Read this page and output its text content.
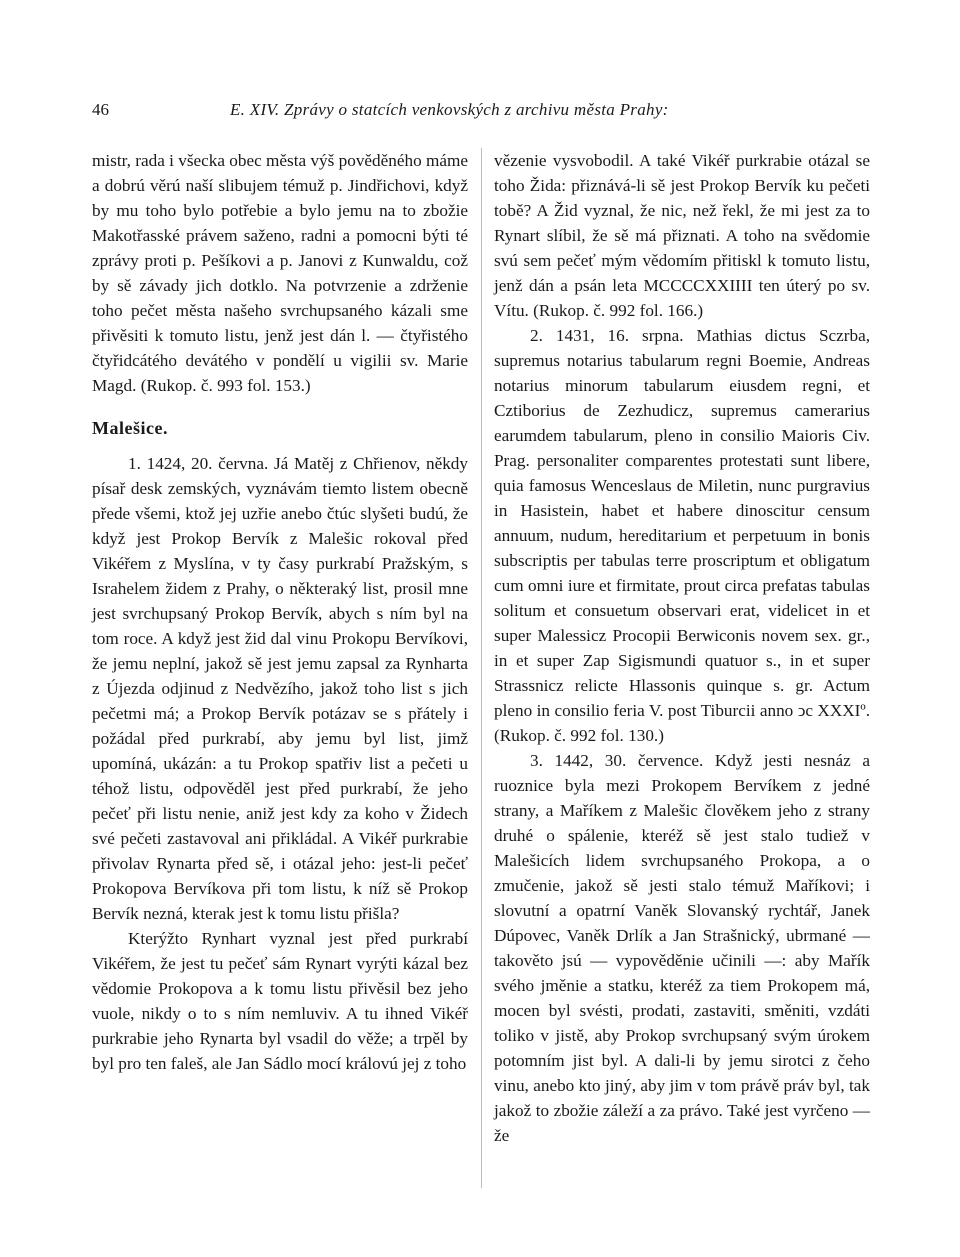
46	E. XIV. Zprávy o statcích venkovských z archivu města Prahy:

mistr, rada i všecka obec města výš pověděného máme a dobrú věrú naší slibujem témuž p. Jindřichovi, když by mu toho bylo potřebie a bylo jemu na to zbožie Makotřasské právem saženo, radni a pomocni býti té zprávy proti p. Pešíkovi a p. Janovi z Kunwaldu, což by sě závady jich dotklo. Na potvrzenie a zdrženie toho pečet města našeho svrchupsaného kázali sme přivěsiti k tomuto listu, jenž jest dán l. — čtyřistého čtyřidcátého devátého v pondělí u vigilii sv. Marie Magd. (Rukop. č. 993 fol. 153.)

Malešice.

1. 1424, 20. června. Já Matěj z Chřienov, někdy písař desk zemských, vyznávám tiemto listem obecně přede všemi, ktož jej uzřie anebo čtúc slyšeti budú, že když jest Prokop Bervík z Malešic rokoval před Vikéřem z Myslína, v ty časy purkrabí Pražským, s Israhelem židem z Prahy, o některaký list, prosil mne jest svrchupsaný Prokop Bervík, abych s ním byl na tom roce. A když jest žid dal vinu Prokopu Bervíkovi, že jemu neplní, jakož sě jest jemu zapsal za Rynharta z Újezda odjinud z Nedvězího, jakož toho list s jich pečetmi má; a Prokop Bervík potázav se s přátely i požádal před purkrabí, aby jemu byl list, jimž upomíná, ukázán: a tu Prokop spatřiv list a pečeti u téhož listu, odpověděl jest před purkrabí, že jeho pečeť při listu nenie, aniž jest kdy za koho v Židech své pečeti zastavoval ani přikládal. A Vikéř purkrabie přivolav Rynarta před sě, i otázal jeho: jest-li pečeť Prokopova Bervíkova při tom listu, k níž sě Prokop Bervík nezná, kterak jest k tomu listu přišla?

Kterýžto Rynhart vyznal jest před purkrabí Vikéřem, že jest tu pečeť sám Rynart vyrýti kázal bez vědomie Prokopova a k tomu listu přivěsil bez jeho vuole, nikdy o to s ním nemluviv. A tu ihned Vikéř purkrabie jeho Rynarta byl vsadil do věže; a trpěl by byl pro ten faleš, ale Jan Sádlo mocí královú jej z toho

vězenie vysvobodil. A také Vikéř purkrabie otázal se toho Žida: přiznává-li sě jest Prokop Bervík ku pečeti tobě? A Žid vyznal, že nic, než řekl, že mi jest za to Rynart slíbil, že sě má přiznati. A toho na svědomie svú sem pečeť mým vědomím přitiskl k tomuto listu, jenž dán a psán leta MCCCCXXIIII ten úterý po sv. Vítu. (Rukop. č. 992 fol. 166.)

2. 1431, 16. srpna. Mathias dictus Sczrba, supremus notarius tabularum regni Boemie, Andreas notarius minorum tabularum eiusdem regni, et Cztiborius de Zezhudicz, supremus camerarius earumdem tabularum, pleno in consilio Maioris Civ. Prag. personaliter comparentes protestati sunt libere, quia famosus Wenceslaus de Miletin, nunc purgravius in Hasistein, habet et habere dinoscitur censum annuum, nudum, hereditarium et perpetuum in bonis subscriptis per tabulas terre proscriptum et obligatum cum omni iure et firmitate, prout circa prefatas tabulas solitum et consuetum observari erat, videlicet in et super Malessicz Procopii Berwiconis novem sex. gr., in et super Zap Sigismundi quatuor s., in et super Strassnicz relicte Hlassonis quinque s. gr. Actum pleno in consilio feria V. post Tiburcii anno ↄc XXXIº. (Rukop. č. 992 fol. 130.)

3. 1442, 30. července. Když jesti nesnáz a ruoznice byla mezi Prokopem Bervíkem z jedné strany, a Maříkem z Malešic člověkem jeho z strany druhé o spálenie, kteréž sě jest stalo tudiež v Malešicích lidem svrchupsaného Prokopa, a o zmučenie, jakož sě jesti stalo témuž Maříkovi; i slovutní a opatrní Vaněk Slovanský rychtář, Janek Dúpovec, Vaněk Drlík a Jan Strašnický, ubrmané — takověto jsú — vypověděnie učinili —: aby Mařík svého jměnie a statku, kteréž za tiem Prokopem má, mocen byl svésti, prodati, zastaviti, směniti, vzdáti toliko v jistě, aby Prokop svrchupsaný svým úrokem potomním jist byl. A dali-li by jemu sirotci z čeho vinu, anebo kto jiný, aby jim v tom právě práv byl, tak jakož to zbožie záleží a za právo. Také jest vyrčeno — že
